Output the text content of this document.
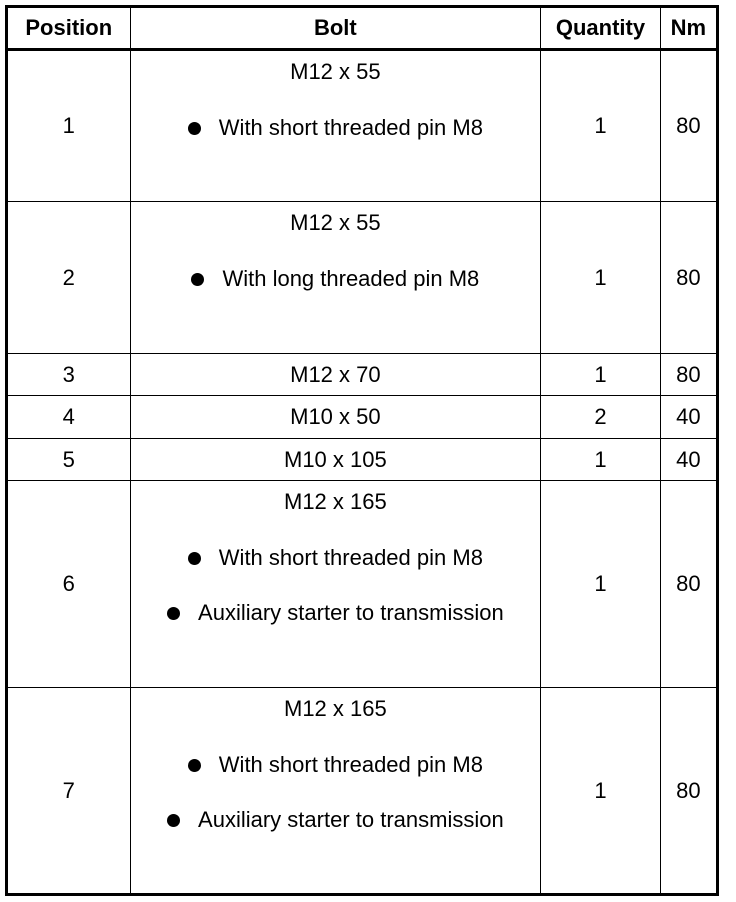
Position	Bolt	Quantity	Nm
1	M12 x 55
With short threaded pin M8	1	80
2	M12 x 55
With long threaded pin M8	1	80
3	M12 x 70	1	80
4	M10 x 50	2	40
5	M10 x 105	1	40
6	M12 x 165
With short threaded pin M8
Auxiliary starter to transmission	1	80
7	M12 x 165
With short threaded pin M8
Auxiliary starter to transmission	1	80
